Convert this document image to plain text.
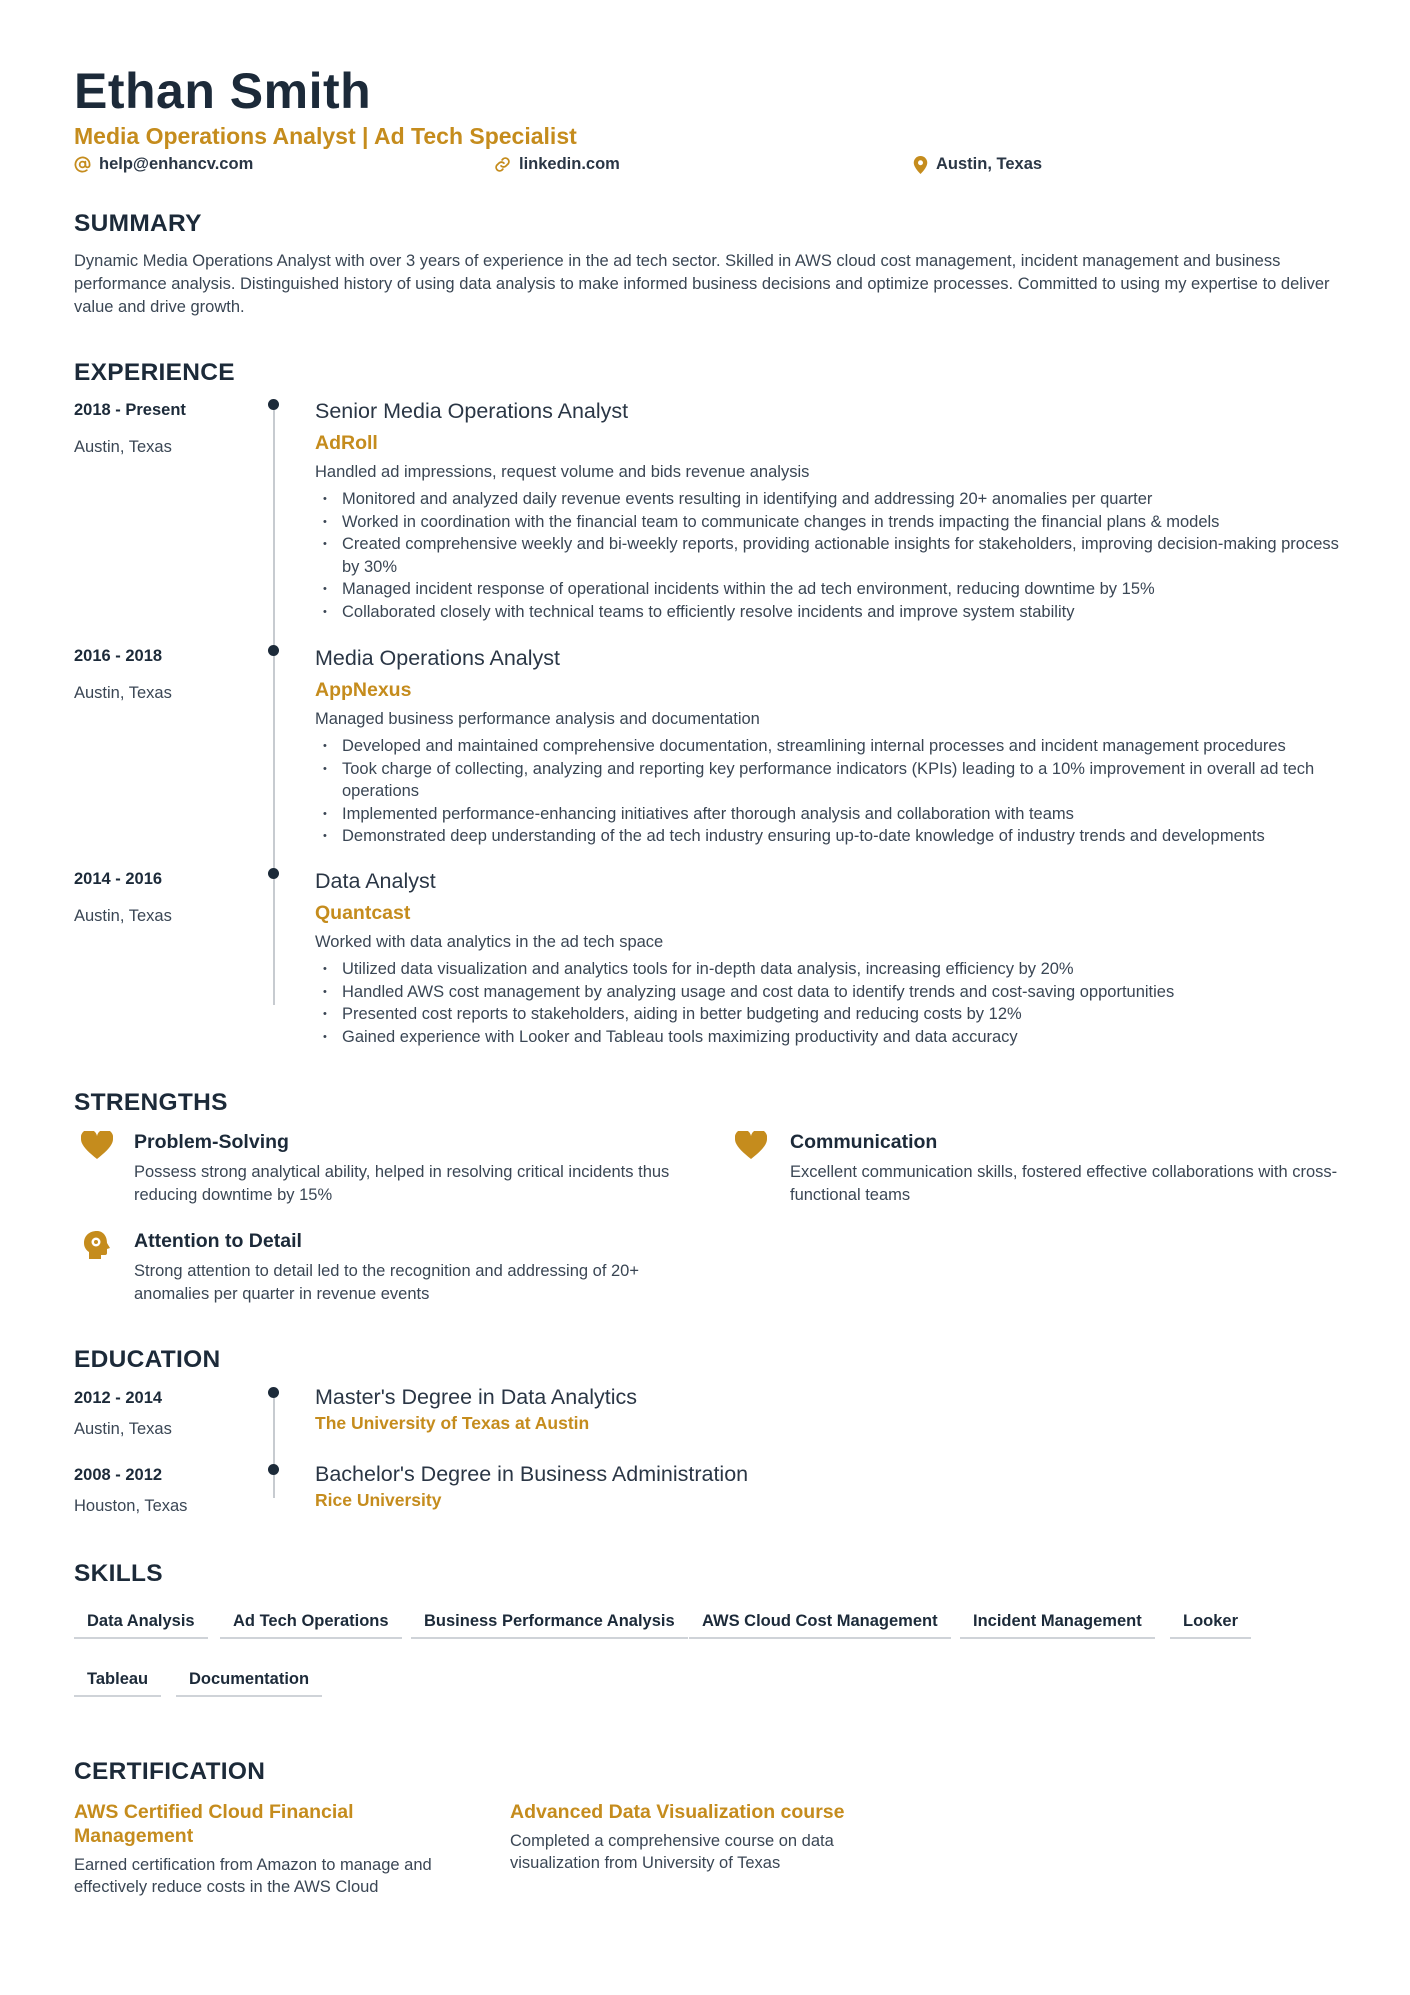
Ethan Smith
Media Operations Analyst | Ad Tech Specialist
help@enhancv.com	linkedin.com	Austin, Texas
SUMMARY
Dynamic Media Operations Analyst with over 3 years of experience in the ad tech sector. Skilled in AWS cloud cost management, incident management and business performance analysis. Distinguished history of using data analysis to make informed business decisions and optimize processes. Committed to using my expertise to deliver value and drive growth.
EXPERIENCE
2018 - Present
Austin, Texas
Senior Media Operations Analyst
AdRoll
Handled ad impressions, request volume and bids revenue analysis
• Monitored and analyzed daily revenue events resulting in identifying and addressing 20+ anomalies per quarter
• Worked in coordination with the financial team to communicate changes in trends impacting the financial plans & models
• Created comprehensive weekly and bi-weekly reports, providing actionable insights for stakeholders, improving decision-making process by 30%
• Managed incident response of operational incidents within the ad tech environment, reducing downtime by 15%
• Collaborated closely with technical teams to efficiently resolve incidents and improve system stability
2016 - 2018
Austin, Texas
Media Operations Analyst
AppNexus
Managed business performance analysis and documentation
• Developed and maintained comprehensive documentation, streamlining internal processes and incident management procedures
• Took charge of collecting, analyzing and reporting key performance indicators (KPIs) leading to a 10% improvement in overall ad tech operations
• Implemented performance-enhancing initiatives after thorough analysis and collaboration with teams
• Demonstrated deep understanding of the ad tech industry ensuring up-to-date knowledge of industry trends and developments
2014 - 2016
Austin, Texas
Data Analyst
Quantcast
Worked with data analytics in the ad tech space
• Utilized data visualization and analytics tools for in-depth data analysis, increasing efficiency by 20%
• Handled AWS cost management by analyzing usage and cost data to identify trends and cost-saving opportunities
• Presented cost reports to stakeholders, aiding in better budgeting and reducing costs by 12%
• Gained experience with Looker and Tableau tools maximizing productivity and data accuracy
STRENGTHS
Problem-Solving
Possess strong analytical ability, helped in resolving critical incidents thus reducing downtime by 15%
Communication
Excellent communication skills, fostered effective collaborations with cross-functional teams
Attention to Detail
Strong attention to detail led to the recognition and addressing of 20+ anomalies per quarter in revenue events
EDUCATION
2012 - 2014
Austin, Texas
Master's Degree in Data Analytics
The University of Texas at Austin
2008 - 2012
Houston, Texas
Bachelor's Degree in Business Administration
Rice University
SKILLS
Data Analysis	Ad Tech Operations	Business Performance Analysis	AWS Cloud Cost Management	Incident Management	Looker
Tableau	Documentation
CERTIFICATION
AWS Certified Cloud Financial Management
Earned certification from Amazon to manage and effectively reduce costs in the AWS Cloud
Advanced Data Visualization course
Completed a comprehensive course on data visualization from University of Texas
